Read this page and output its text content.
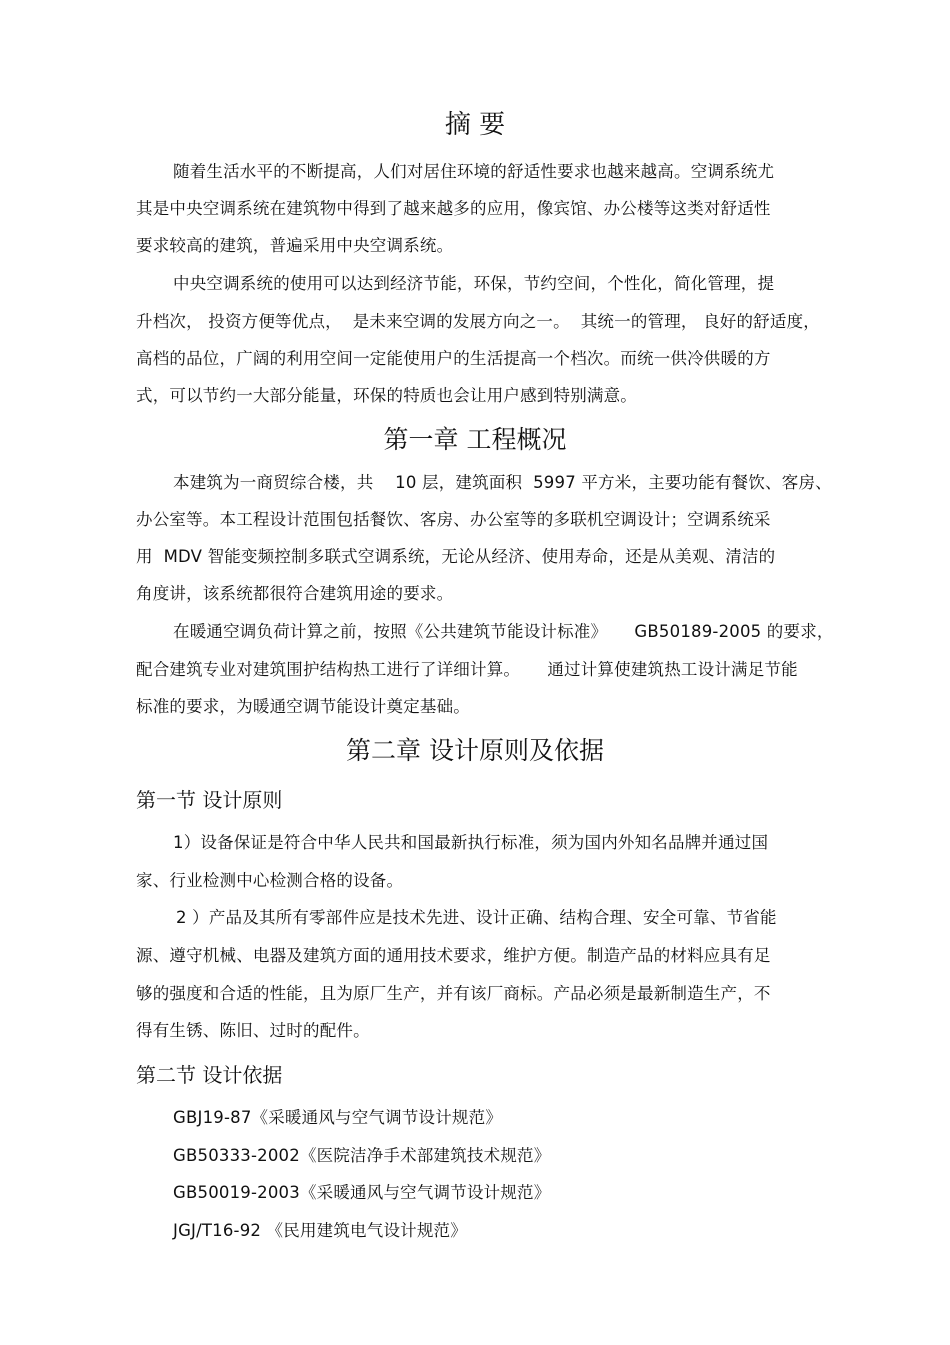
摘 要
随着生活水平的不断提高，人们对居住环境的舒适性要求也越来越高。空调系统尤
其是中央空调系统在建筑物中得到了越来越多的应用，像宾馆、办公楼等这类对舒适性
要求较高的建筑，普遍采用中央空调系统。
中央空调系统的使用可以达到经济节能，环保，节约空间，个性化，简化管理，提
升档次， 投资方便等优点，  是未来空调的发展方向之一。  其统一的管理， 良好的舒适度，
高档的品位，广阔的利用空间一定能使用户的生活提高一个档次。而统一供冷供暖的方
式，可以节约一大部分能量，环保的特质也会让用户感到特别满意。
第一章 工程概况
本建筑为一商贸综合楼，共    10 层，建筑面积  5997 平方米，主要功能有餐饮、客房、
办公室等。本工程设计范围包括餐饮、客房、办公室等的多联机空调设计；空调系统采
用  MDV 智能变频控制多联式空调系统，无论从经济、使用寿命，还是从美观、清洁的
角度讲，该系统都很符合建筑用途的要求。
在暖通空调负荷计算之前，按照《公共建筑节能设计标准》     GB50189-2005 的要求，
配合建筑专业对建筑围护结构热工进行了详细计算。     通过计算使建筑热工设计满足节能
标准的要求，为暖通空调节能设计奠定基础。
第二章 设计原则及依据
第一节 设计原则
1）设备保证是符合中华人民共和国最新执行标准，须为国内外知名品牌并通过国
家、行业检测中心检测合格的设备。
2 ）产品及其所有零部件应是技术先进、设计正确、结构合理、安全可靠、节省能
源、遵守机械、电器及建筑方面的通用技术要求，维护方便。制造产品的材料应具有足
够的强度和合适的性能，且为原厂生产，并有该厂商标。产品必须是最新制造生产，不
得有生锈、陈旧、过时的配件。
第二节 设计依据
GBJ19-87《采暖通风与空气调节设计规范》
GB50333-2002《医院洁净手术部建筑技术规范》
GB50019-2003《采暖通风与空气调节设计规范》
JGJ/T16-92 《民用建筑电气设计规范》
